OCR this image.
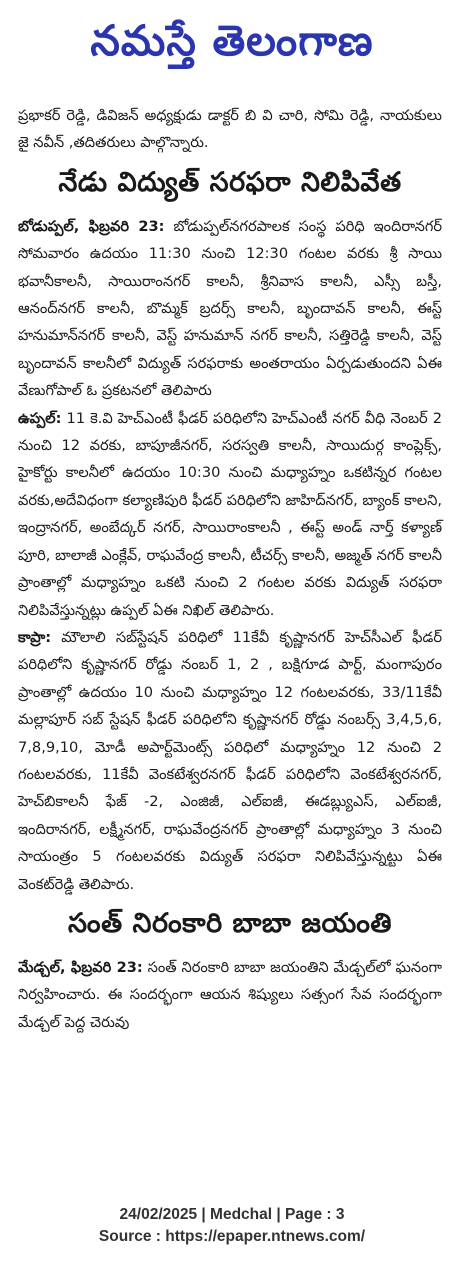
నమస్తే తెలంగాణ

ప్రభాకర్ రెడ్డి, డివిజన్ అధ్యక్షుడు డాక్టర్ బి వి చారి, సోమి రెడ్డి, నాయకులు జై నవీన్ ,తదితరులు పాల్గొన్నారు.

నేడు విద్యుత్ సరఫరా నిలిపివేత

బోడుప్పల్, ఫిబ్రవరి 23: బోడుప్పల్‌నగరపాలక సంస్థ పరిధి ఇందిరానగర్ సోమవారం ఉదయం 11:30 నుంచి 12:30 గంటల వరకు శ్రీ సాయి భవానీకాలనీ, సాయిరాంనగర్ కాలనీ, శ్రీనివాస కాలనీ, ఎస్సీ బస్తీ, ఆనంద్‌నగర్ కాలనీ, బొమ్మక్ బ్రదర్స్ కాలనీ, బృందావన్ కాలనీ, ఈస్ట్ హనుమాన్‌నగర్ కాలనీ, వెస్ట్ హనుమాన్ నగర్ కాలనీ, సత్తిరెడ్డి కాలనీ, వెస్ట్ బృందావన్ కాలనీలో విద్యుత్ సరఫరాకు అంతరాయం ఏర్పడుతుందని ఏఈ వేణుగోపాల్ ఓ ప్రకటనలో తెలిపారు

ఉప్పల్: 11 కె.వి హెచ్‌ఎంటీ ఫీడర్ పరిధిలోని హెచ్‌ఎంటీ నగర్ వీధి నెంబర్ 2 నుంచి 12 వరకు, బాపూజీనగర్, సరస్వతి కాలనీ, సాయిదుర్గ కాంప్లెక్స్, హైకోర్టు కాలనీలో ఉదయం 10:30 నుంచి మధ్యాహ్నం ఒకటిన్నర గంటల వరకు,అదేవిధంగా కల్యాణిపురి ఫీడర్ పరిధిలోని జాహిద్‌నగర్, బ్యాంక్ కాలని, ఇంద్రానగర్, అంబేద్కర్ నగర్, సాయిరాంకాలనీ , ఈస్ట్ అండ్ నార్త్ కళ్యాణ్ పూరి, బాలాజీ ఎంక్లేవ్, రాఘవేంద్ర కాలనీ, టీచర్స్ కాలనీ, అజ్మత్ నగర్ కాలనీ ప్రాంతాల్లో మధ్యాహ్నం ఒకటి నుంచి 2 గంటల వరకు విద్యుత్ సరఫరా నిలిపివేస్తున్నట్లు ఉప్పల్ ఏఈ నిఖిల్ తెలిపారు.

కాప్రా: మౌలాలి సబ్‌స్టేషన్ పరిధిలో 11కేవీ కృష్ణానగర్ హెచ్‌సీఎల్ ఫీడర్ పరిధిలోని కృష్ణానగర్ రోడ్డు నంబర్ 1, 2 , బక్షిగూడ పార్ట్, మంగాపురం ప్రాంతాల్లో ఉదయం 10 నుంచి మధ్యాహ్నం 12 గంటలవరకు, 33/11కేవీ మల్లాపూర్ సబ్ స్టేషన్ ఫీడర్ పరిధిలోని కృష్ణానగర్ రోడ్డు నంబర్స్ 3,4,5,6, 7,8,9,10, మోడీ అపార్ట్‌మెంట్స్ పరిధిలో మధ్యాహ్నం 12 నుంచి 2 గంటలవరకు, 11కేవీ వెంకటేశ్వరనగర్ ఫీడర్ పరిధిలోని వెంకటేశ్వరనగర్, హెచ్‌బికాలనీ ఫేజ్ -2, ఎంజిజీ, ఎల్ఐజీ, ఈడబ్ల్యుఎస్, ఎల్ఐజీ, ఇందిరానగర్, లక్ష్మీనగర్, రాఘవేంద్రనగర్ ప్రాంతాల్లో మధ్యాహ్నం 3 నుంచి సాయంత్రం 5 గంటలవరకు విద్యుత్ సరఫరా నిలిపివేస్తున్నట్టు ఏఈ వెంకట్‌రెడ్డి తెలిపారు.

సంత్ నిరంకారి బాబా జయంతి

మేడ్చల్, ఫిబ్రవరి 23: సంత్ నిరంకారి బాబా జయంతిని మేడ్చల్‌లో ఘనంగా నిర్వహించారు. ఈ సందర్భంగా ఆయన శిష్యులు సత్సంగ సేవ సందర్భంగా మేడ్చల్ పెద్ద చెరువు

24/02/2025 | Medchal | Page : 3
Source : https://epaper.ntnews.com/
